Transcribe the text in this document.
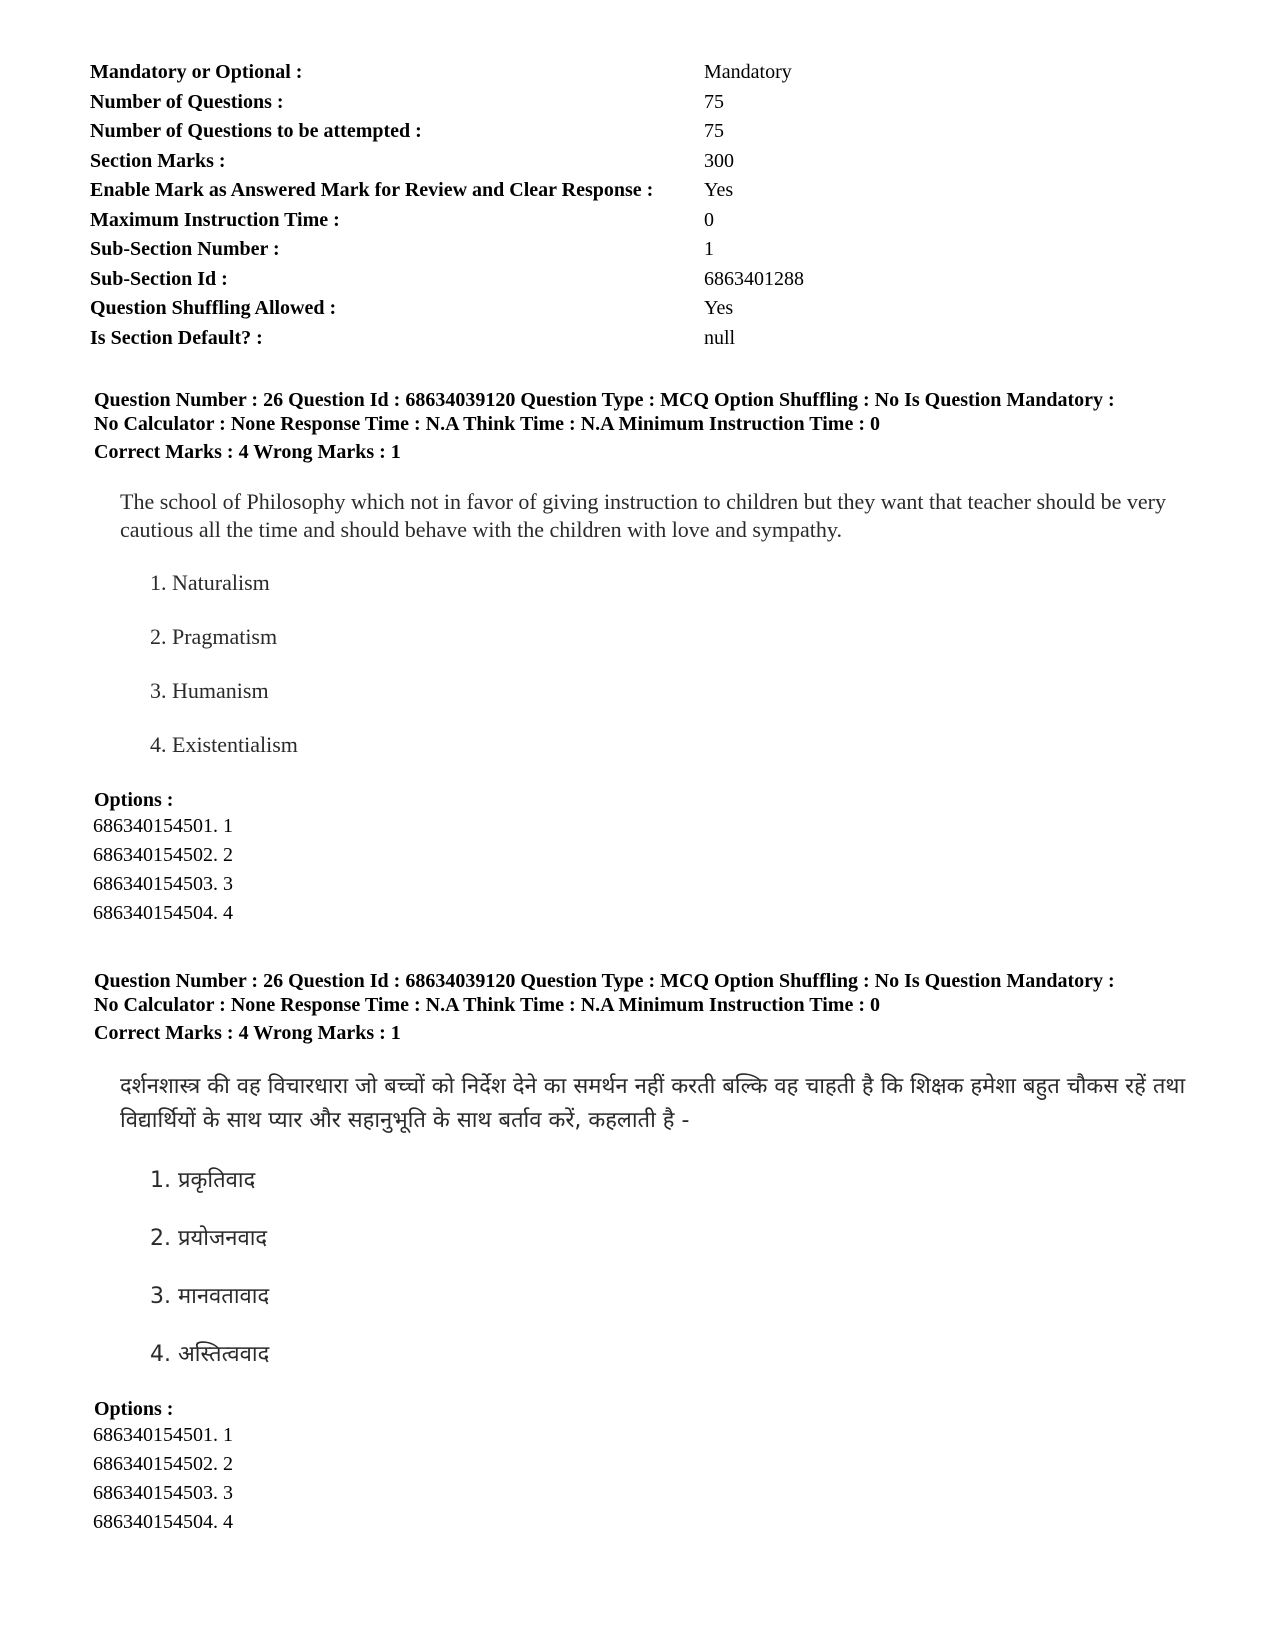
Mandatory or Optional :	Mandatory
Number of Questions :	75
Number of Questions to be attempted :	75
Section Marks :	300
Enable Mark as Answered Mark for Review and Clear Response :	Yes
Maximum Instruction Time :	0
Sub-Section Number :	1
Sub-Section Id :	6863401288
Question Shuffling Allowed :	Yes
Is Section Default? :	null
Question Number : 26 Question Id : 68634039120 Question Type : MCQ Option Shuffling : No Is Question Mandatory :
No Calculator : None Response Time : N.A Think Time : N.A Minimum Instruction Time : 0
Correct Marks : 4 Wrong Marks : 1

The school of Philosophy which not in favor of giving instruction to children but they want that teacher should be very cautious all the time and should behave with the children with love and sympathy.

1. Naturalism
2. Pragmatism
3. Humanism
4. Existentialism
Options :
686340154501. 1
686340154502. 2
686340154503. 3
686340154504. 4
Question Number : 26 Question Id : 68634039120 Question Type : MCQ Option Shuffling : No Is Question Mandatory :
No Calculator : None Response Time : N.A Think Time : N.A Minimum Instruction Time : 0
Correct Marks : 4 Wrong Marks : 1

दर्शनशास्त्र की वह विचारधारा जो बच्चों को निर्देश देने का समर्थन नहीं करती बल्कि वह चाहती है कि शिक्षक हमेशा बहुत चौकस रहें तथा विद्यार्थियों के साथ प्यार और सहानुभूति के साथ बर्ताव करें, कहलाती है -

1. प्रकृतिवाद
2. प्रयोजनवाद
3. मानवतावाद
4. अस्तित्ववाद
Options :
686340154501. 1
686340154502. 2
686340154503. 3
686340154504. 4
